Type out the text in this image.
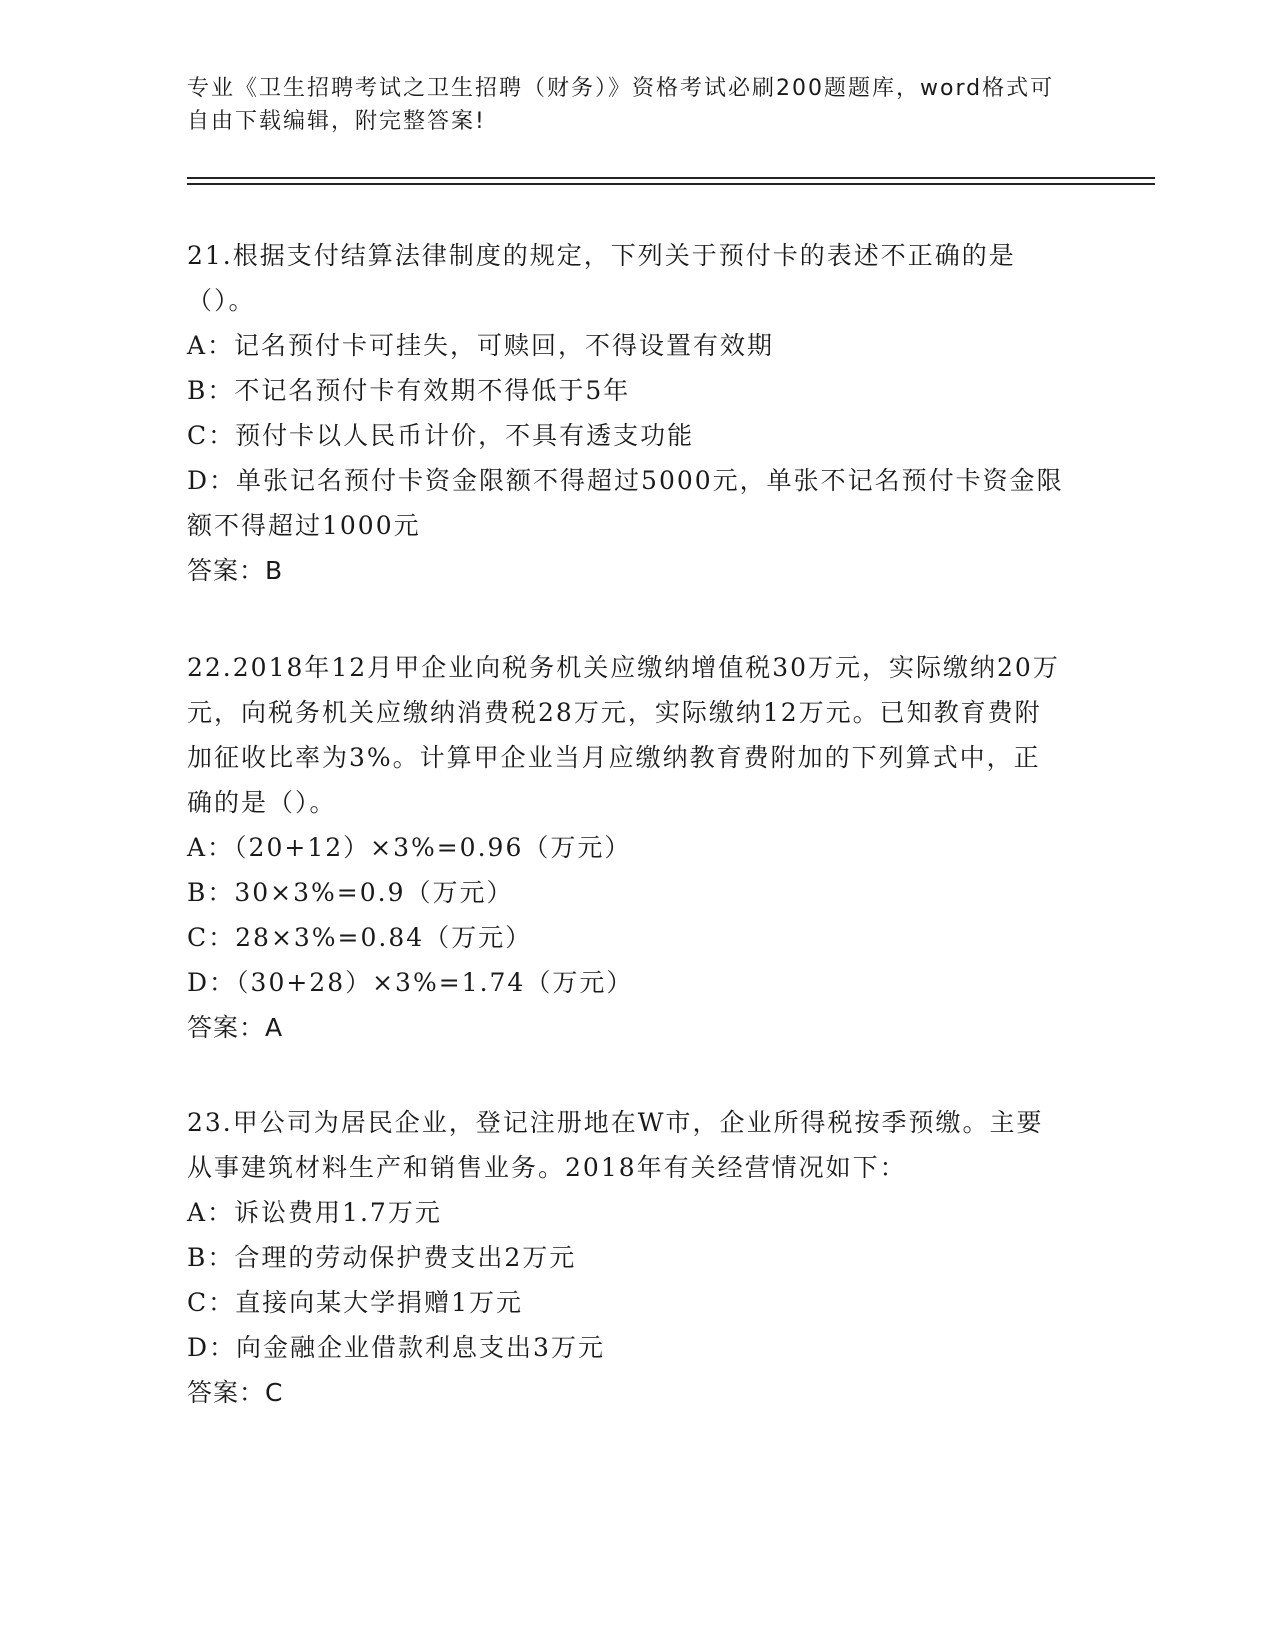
专业《卫生招聘考试之卫生招聘（财务）》资格考试必刷200题题库，word格式可自由下载编辑，附完整答案!
21.根据支付结算法律制度的规定，下列关于预付卡的表述不正确的是（）。
A：记名预付卡可挂失，可赎回，不得设置有效期
B：不记名预付卡有效期不得低于5年
C：预付卡以人民币计价，不具有透支功能
D：单张记名预付卡资金限额不得超过5000元，单张不记名预付卡资金限额不得超过1000元
答案：B
22.2018年12月甲企业向税务机关应缴纳增值税30万元，实际缴纳20万元，向税务机关应缴纳消费税28万元，实际缴纳12万元。已知教育费附加征收比率为3%。计算甲企业当月应缴纳教育费附加的下列算式中，正确的是（）。
A：（20+12）×3%=0.96（万元）
B：30×3%=0.9（万元）
C：28×3%=0.84（万元）
D：（30+28）×3%=1.74（万元）
答案：A
23.甲公司为居民企业，登记注册地在W市，企业所得税按季预缴。主要从事建筑材料生产和销售业务。2018年有关经营情况如下：
A：诉讼费用1.7万元
B：合理的劳动保护费支出2万元
C：直接向某大学捐赠1万元
D：向金融企业借款利息支出3万元
答案：C
